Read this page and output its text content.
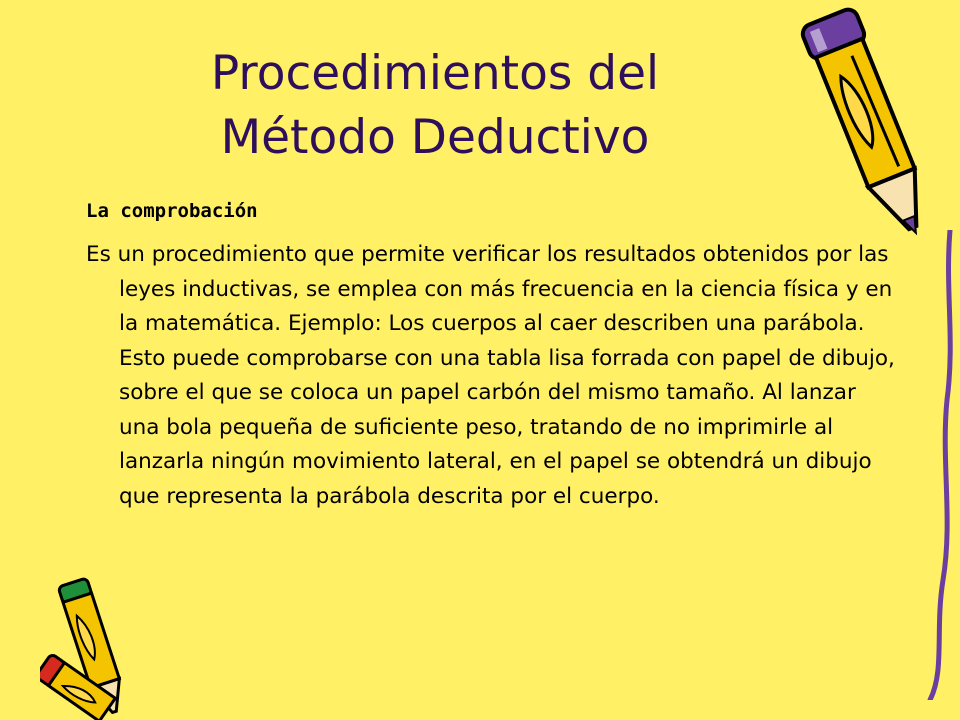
Procedimientos del
Método Deductivo
La comprobación

Es un procedimiento que permite verificar los resultados obtenidos por las leyes inductivas, se emplea con más frecuencia en la ciencia física y en la matemática. Ejemplo: Los cuerpos al caer describen una parábola. Esto puede comprobarse con una tabla lisa forrada con papel de dibujo, sobre el que se coloca un papel carbón del mismo tamaño. Al lanzar una bola pequeña de suficiente peso, tratando de no imprimirle al lanzarla ningún movimiento lateral, en el papel se obtendrá un dibujo que representa la parábola descrita por el cuerpo.
